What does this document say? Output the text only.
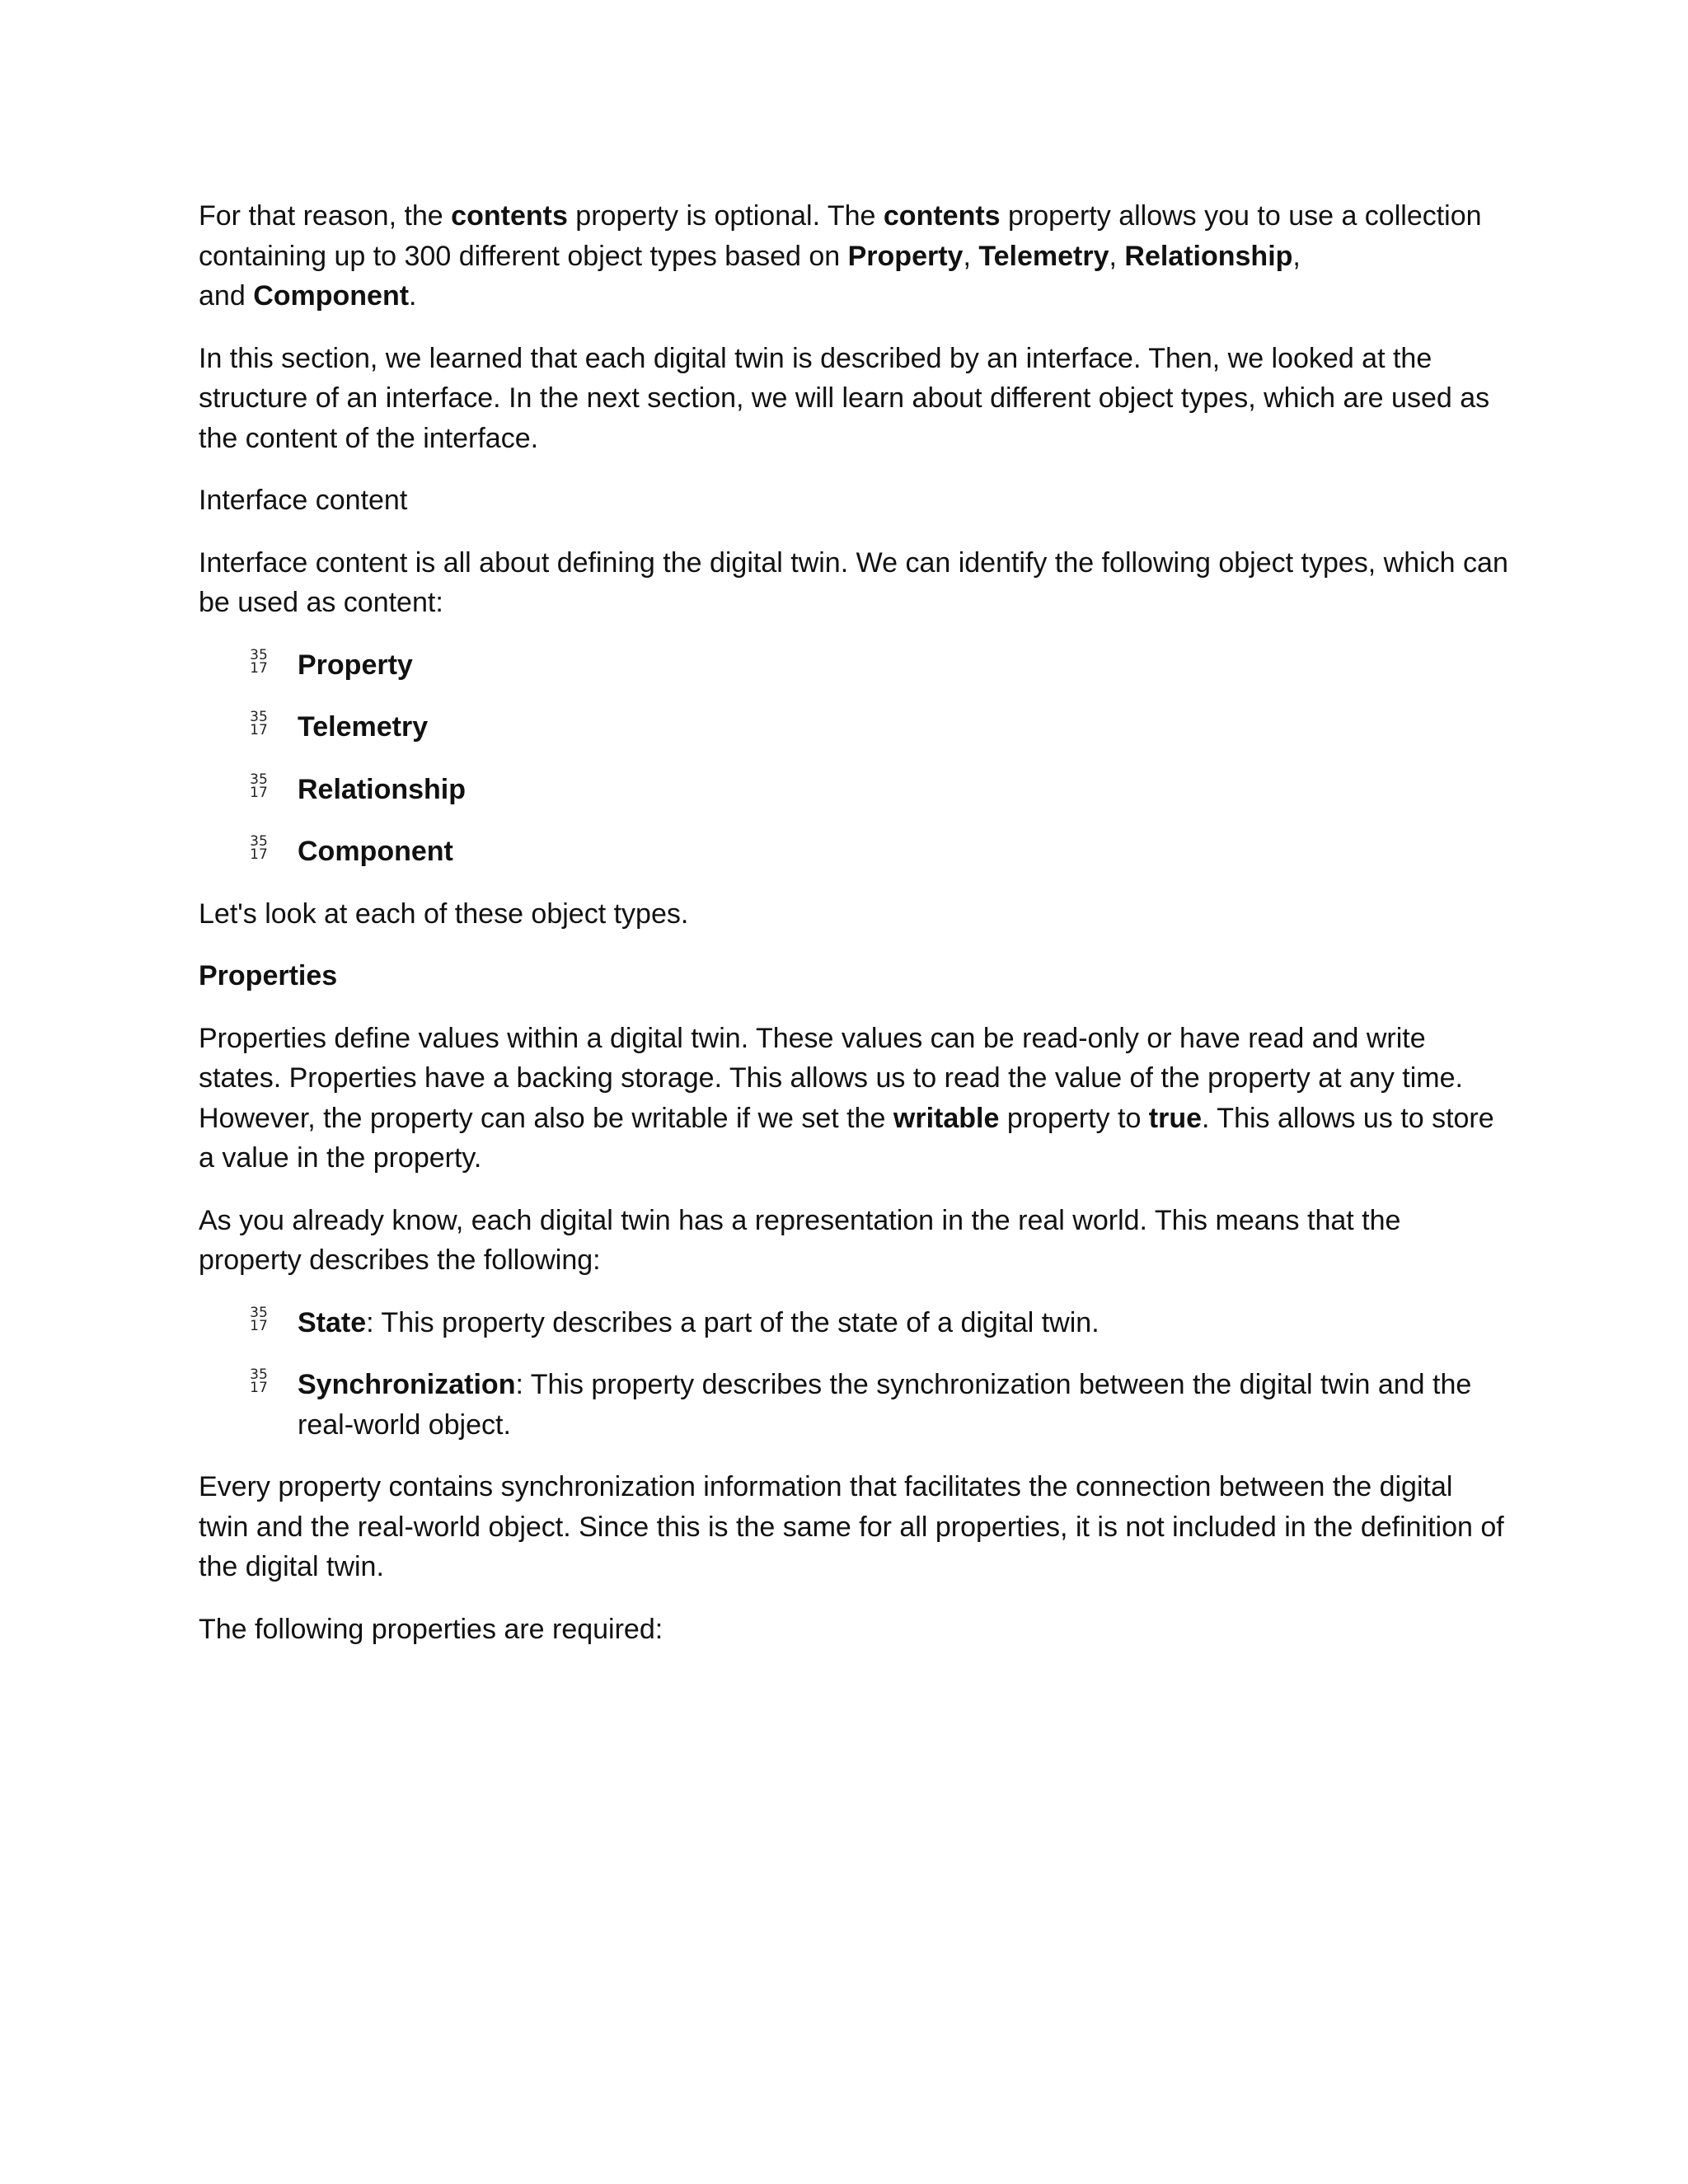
For that reason, the contents property is optional. The contents property allows you to use a collection containing up to 300 different object types based on Property, Telemetry, Relationship,
and Component.

In this section, we learned that each digital twin is described by an interface. Then, we looked at the structure of an interface. In the next section, we will learn about different object types, which are used as the content of the interface.

Interface content

Interface content is all about defining the digital twin. We can identify the following object types, which can be used as content:

35
17 Property
35
17 Telemetry
35
17 Relationship
35
17 Component

Let's look at each of these object types.

Properties

Properties define values within a digital twin. These values can be read-only or have read and write states. Properties have a backing storage. This allows us to read the value of the property at any time. However, the property can also be writable if we set the writable property to true. This allows us to store a value in the property.

As you already know, each digital twin has a representation in the real world. This means that the property describes the following:

35
17 State: This property describes a part of the state of a digital twin.
35
17 Synchronization: This property describes the synchronization between the digital twin and the real-world object.

Every property contains synchronization information that facilitates the connection between the digital twin and the real-world object. Since this is the same for all properties, it is not included in the definition of the digital twin.

The following properties are required:
